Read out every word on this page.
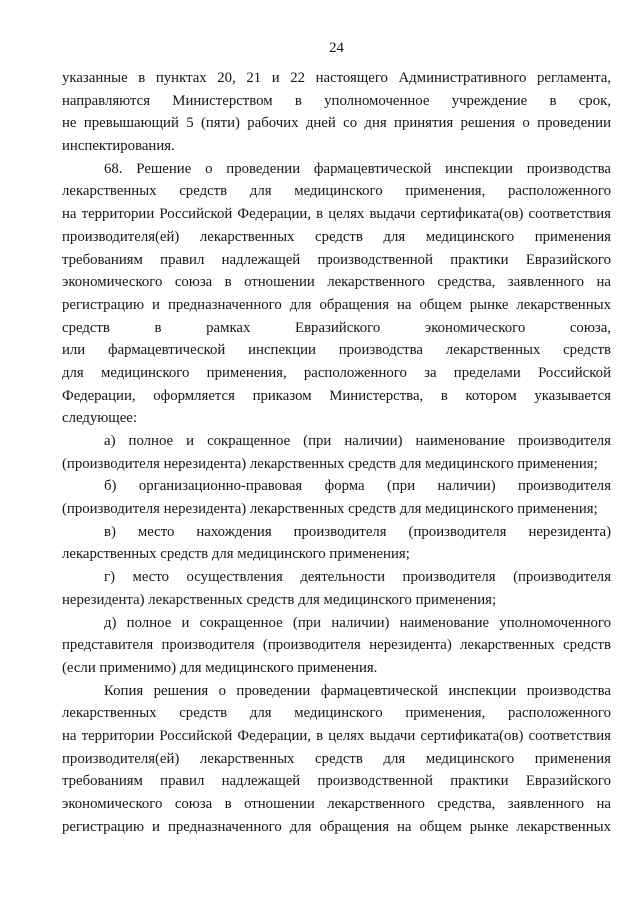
24
указанные в пунктах 20, 21 и 22 настоящего Административного регламента,
направляются Министерством в уполномоченное учреждение в срок,
не превышающий 5 (пяти) рабочих дней со дня принятия решения о проведении
инспектирования.
68. Решение о проведении фармацевтической инспекции производства
лекарственных средств для медицинского применения, расположенного
на территории Российской Федерации, в целях выдачи сертификата(ов) соответствия
производителя(ей) лекарственных средств для медицинского применения
требованиям правил надлежащей производственной практики Евразийского
экономического союза в отношении лекарственного средства, заявленного на
регистрацию и предназначенного для обращения на общем рынке лекарственных
средств в рамках Евразийского экономического союза,
или фармацевтической инспекции производства лекарственных средств
для медицинского применения, расположенного за пределами Российской
Федерации, оформляется приказом Министерства, в котором указывается
следующее:
а) полное и сокращенное (при наличии) наименование производителя
(производителя нерезидента) лекарственных средств для медицинского применения;
б) организационно-правовая форма (при наличии) производителя
(производителя нерезидента) лекарственных средств для медицинского применения;
в) место нахождения производителя (производителя нерезидента)
лекарственных средств для медицинского применения;
г) место осуществления деятельности производителя (производителя
нерезидента) лекарственных средств для медицинского применения;
д) полное и сокращенное (при наличии) наименование уполномоченного
представителя производителя (производителя нерезидента) лекарственных средств
(если применимо) для медицинского применения.
Копия решения о проведении фармацевтической инспекции производства
лекарственных средств для медицинского применения, расположенного
на территории Российской Федерации, в целях выдачи сертификата(ов) соответствия
производителя(ей) лекарственных средств для медицинского применения
требованиям правил надлежащей производственной практики Евразийского
экономического союза в отношении лекарственного средства, заявленного на
регистрацию и предназначенного для обращения на общем рынке лекарственных
